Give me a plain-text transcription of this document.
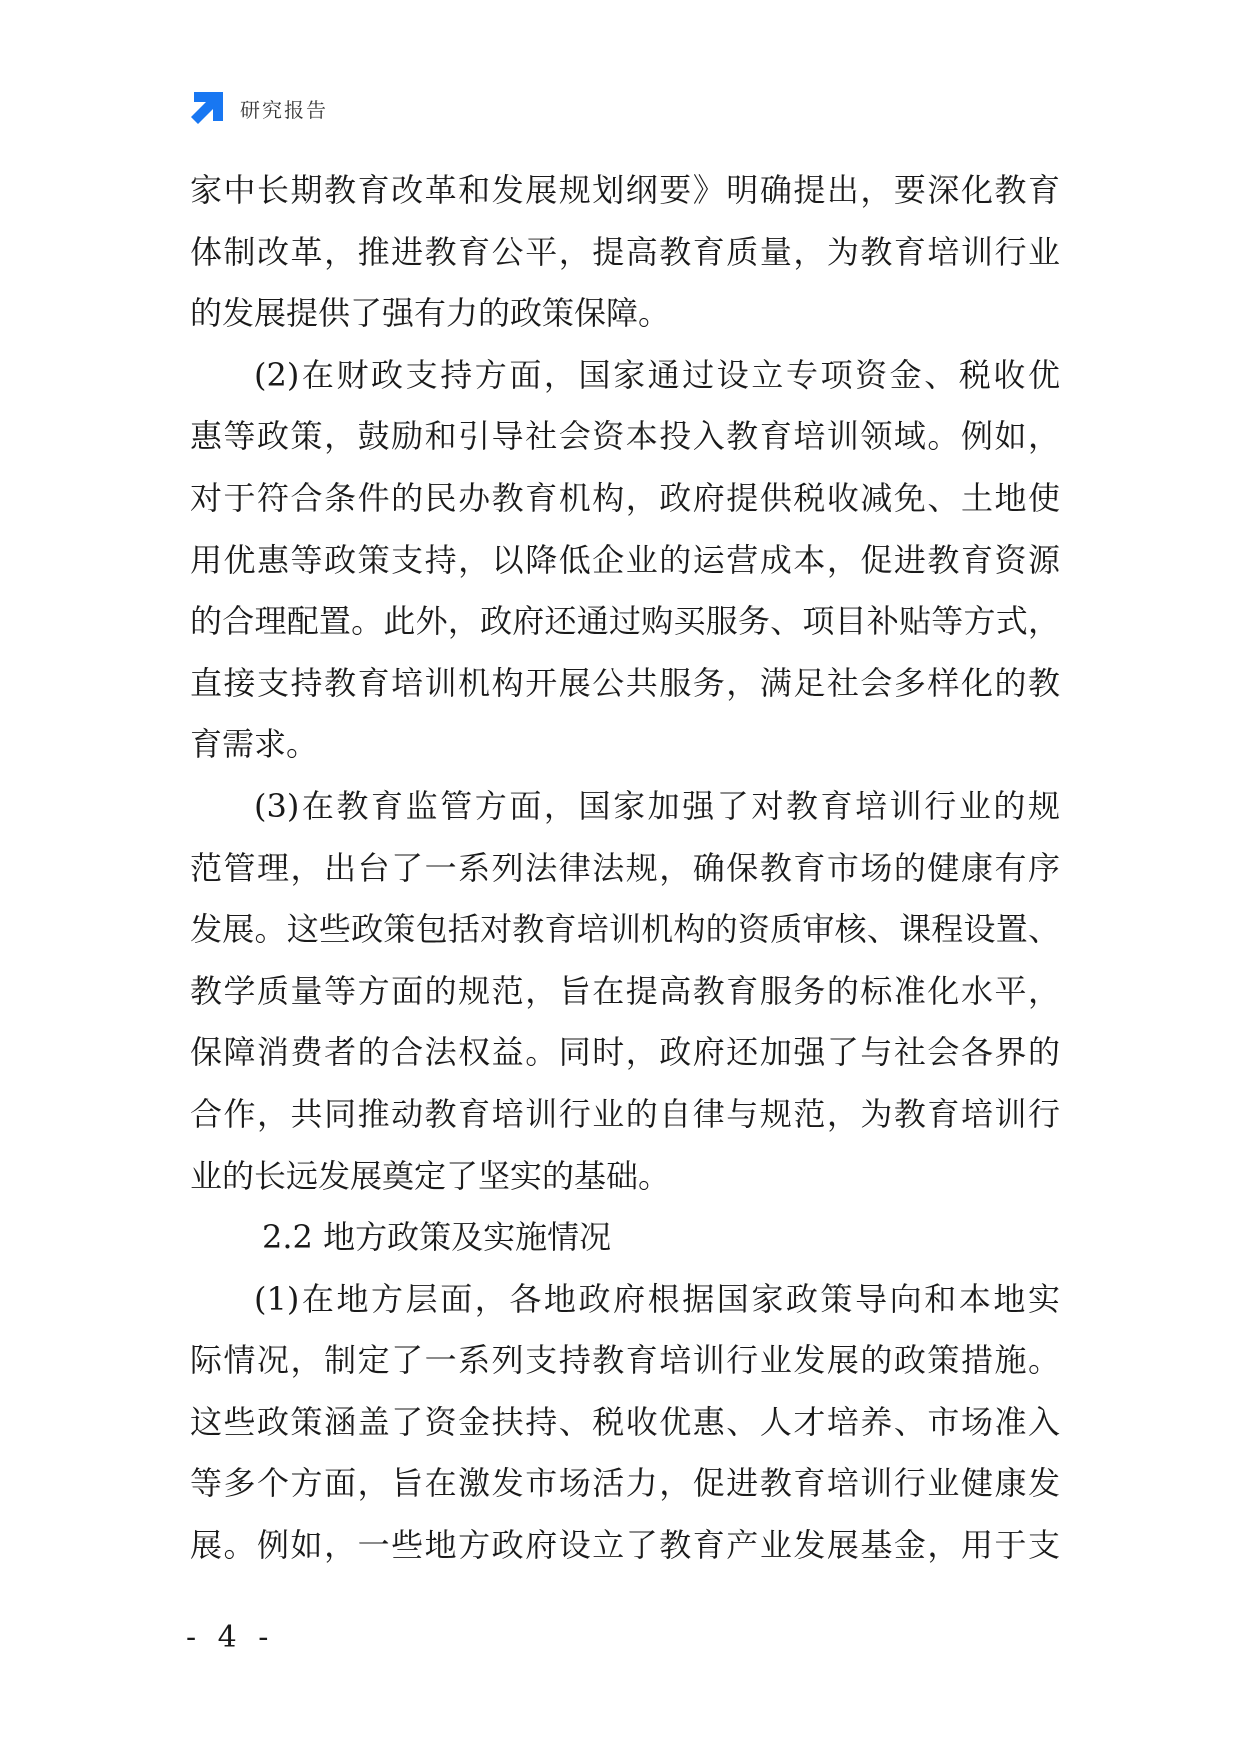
研究报告
家中长期教育改革和发展规划纲要》明确提出，要深化教育
体制改革，推进教育公平，提高教育质量，为教育培训行业
的发展提供了强有力的政策保障。
(2)在财政支持方面，国家通过设立专项资金、税收优
惠等政策，鼓励和引导社会资本投入教育培训领域。例如，
对于符合条件的民办教育机构，政府提供税收减免、土地使
用优惠等政策支持，以降低企业的运营成本，促进教育资源
的合理配置。此外，政府还通过购买服务、项目补贴等方式，
直接支持教育培训机构开展公共服务，满足社会多样化的教
育需求。
(3)在教育监管方面，国家加强了对教育培训行业的规
范管理，出台了一系列法律法规，确保教育市场的健康有序
发展。这些政策包括对教育培训机构的资质审核、课程设置、
教学质量等方面的规范，旨在提高教育服务的标准化水平，
保障消费者的合法权益。同时，政府还加强了与社会各界的
合作，共同推动教育培训行业的自律与规范，为教育培训行
业的长远发展奠定了坚实的基础。
2.2 地方政策及实施情况
(1)在地方层面，各地政府根据国家政策导向和本地实
际情况，制定了一系列支持教育培训行业发展的政策措施。
这些政策涵盖了资金扶持、税收优惠、人才培养、市场准入
等多个方面，旨在激发市场活力，促进教育培训行业健康发
展。例如，一些地方政府设立了教育产业发展基金，用于支
- 4 -
